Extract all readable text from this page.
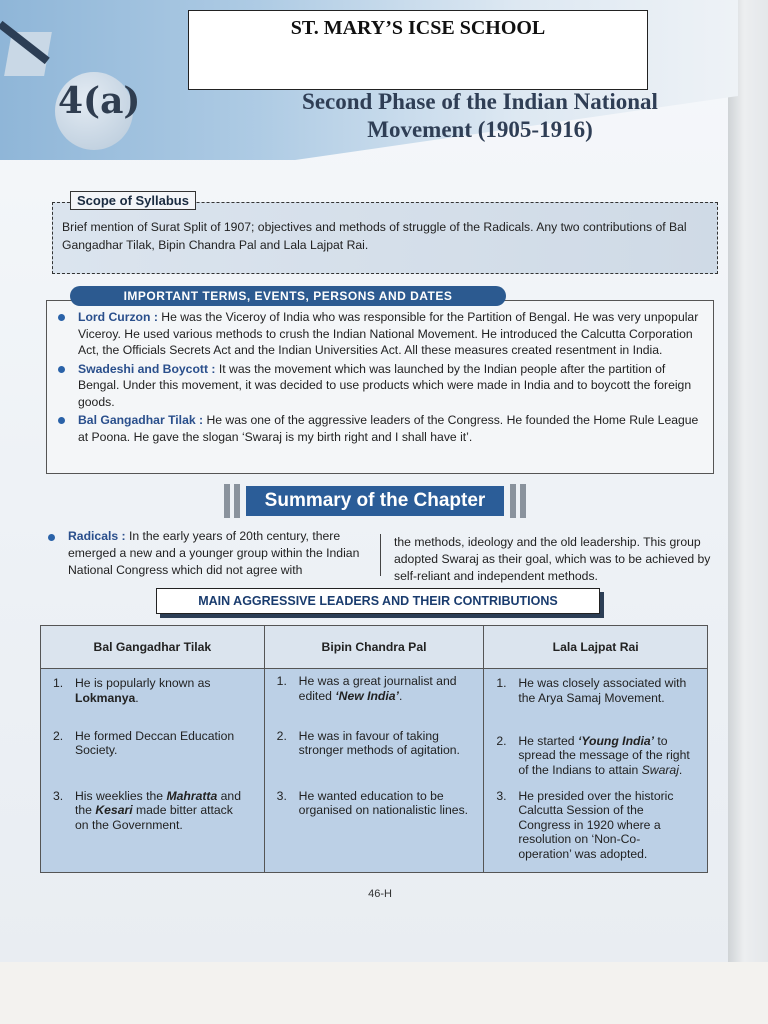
4(a)
ST. MARY’S ICSE SCHOOL
Second Phase of the Indian National
Movement (1905-1916)
Scope of Syllabus
Brief mention of Surat Split of 1907; objectives and methods of struggle of the Radicals. Any two contributions of Bal Gangadhar Tilak, Bipin Chandra Pal and Lala Lajpat Rai.
IMPORTANT TERMS, EVENTS, PERSONS AND DATES
Lord Curzon : He was the Viceroy of India who was responsible for the Partition of Bengal. He was very unpopular Viceroy. He used various methods to crush the Indian National Movement. He introduced the Calcutta Corporation Act, the Officials Secrets Act and the Indian Universities Act. All these measures created resentment in India.
Swadeshi and Boycott : It was the movement which was launched by the Indian people after the partition of Bengal. Under this movement, it was decided to use products which were made in India and to boycott the foreign goods.
Bal Gangadhar Tilak : He was one of the aggressive leaders of the Congress. He founded the Home Rule League at Poona. He gave the slogan ‘Swaraj is my birth right and I shall have it’.
Summary of the Chapter
Radicals : In the early years of 20th century, there emerged a new and a younger group within the Indian National Congress which did not agree with
the methods, ideology and the old leadership. This group adopted Swaraj as their goal, which was to be achieved by self-reliant and independent methods.
MAIN AGGRESSIVE LEADERS AND THEIR CONTRIBUTIONS
Bal Gangadhar Tilak	Bipin Chandra Pal	Lala Lajpat Rai

1. He is popularly known as Lokmanya.	1. He was a great journalist and edited ‘New India’.	1. He was closely associated with the Arya Samaj Movement.

2. He formed Deccan Education Society.	2. He was in favour of taking stronger methods of agitation.	2. He started ‘Young India’ to spread the message of the right of the Indians to attain Swaraj.

3. His weeklies the Mahratta and the Kesari made bitter attack on the Government.	3. He wanted education to be organised on nationalistic lines.	3. He presided over the historic Calcutta Session of the Congress in 1920 where a resolution on ‘Non-Co-operation’ was adopted.
46-H
